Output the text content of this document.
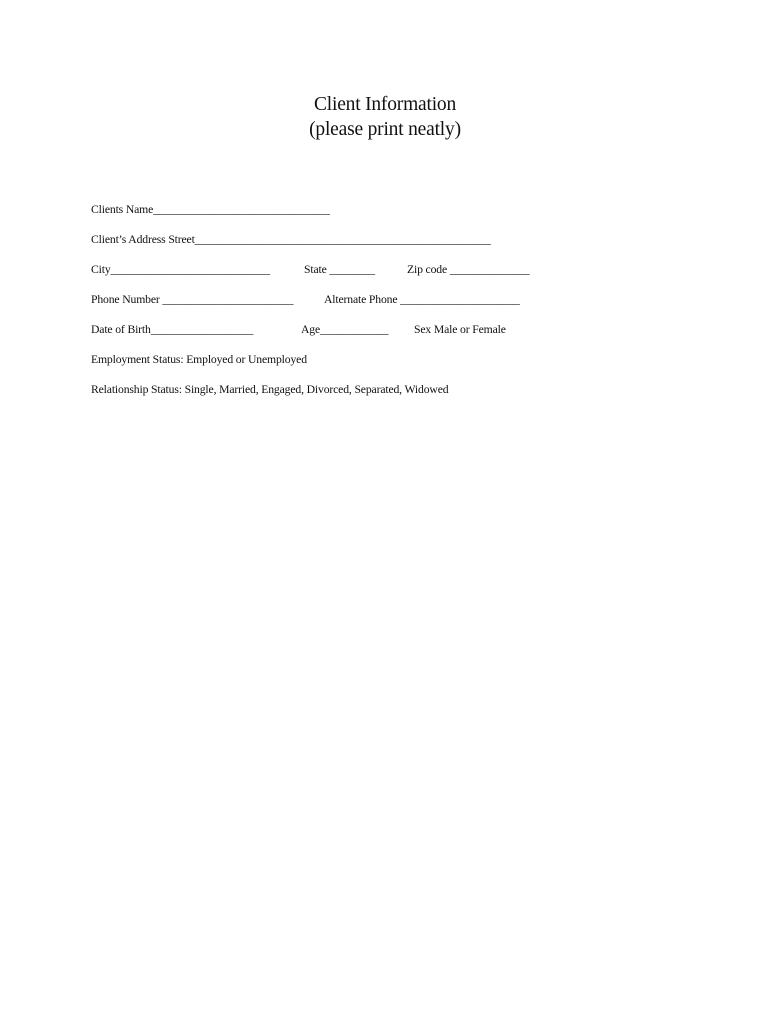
Client Information
(please print neatly)
Clients Name_______________________________
Client’s Address Street____________________________________________________
City____________________________	State ________	Zip code ______________
Phone Number _______________________	Alternate Phone _____________________
Date of Birth__________________	Age____________ Sex Male or Female
Employment Status: Employed or Unemployed
Relationship Status: Single, Married, Engaged, Divorced, Separated, Widowed
